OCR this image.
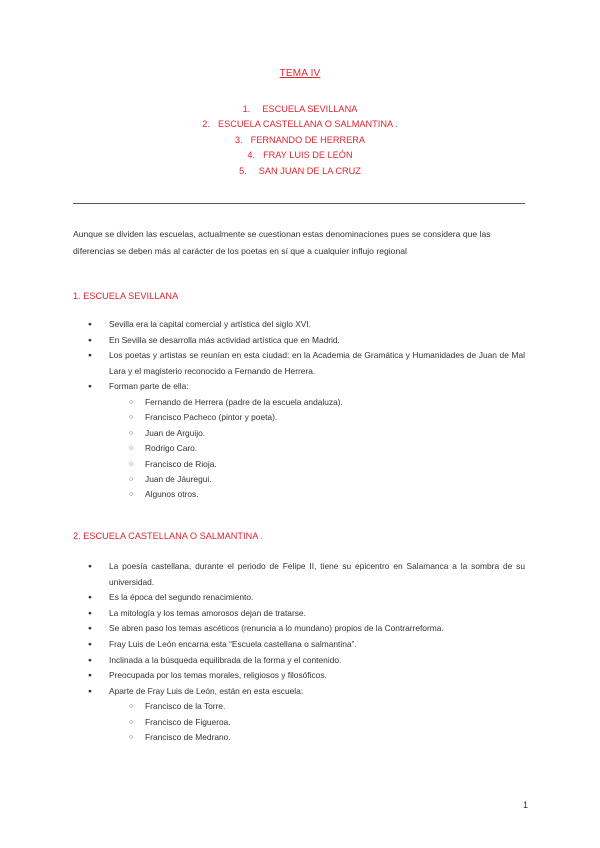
TEMA IV
1. ESCUELA SEVILLANA
2. ESCUELA CASTELLANA O SALMANTINA .
3. FERNANDO DE HERRERA
4. FRAY LUIS DE LEÓN
5. SAN JUAN DE LA CRUZ

Aunque se dividen las escuelas, actualmente se cuestionan estas denominaciones pues se considera que las diferencias se deben más al carácter de los poetas en sí que a cualquier influjo regional

1. ESCUELA SEVILLANA
● Sevilla era la capital comercial y artística del siglo XVI.
● En Sevilla se desarrolla más actividad artística que en Madrid.
● Los poetas y artistas se reunían en esta ciudad: en la Academia de Gramática y Humanidades de Juan de Mal Lara y el magisterio reconocido a Fernando de Herrera.
● Forman parte de ella:
○ Fernando de Herrera (padre de la escuela andaluza).
○ Francisco Pacheco (pintor y poeta).
○ Juan de Arguijo.
○ Rodrigo Caro.
○ Francisco de Rioja.
○ Juan de Jáuregui.
○ Algunos otros.
2. ESCUELA CASTELLANA O SALMANTINA .
● La poesía castellana, durante el periodo de Felipe II, tiene su epicentro en Salamanca a la sombra de su universidad.
● Es la época del segundo renacimiento.
● La mitología y los temas amorosos dejan de tratarse.
● Se abren paso los temas ascéticos (renuncia a lo mundano) propios de la Contrarreforma.
● Fray Luis de León encarna esta “Escuela castellana o salmantina”.
● Inclinada a la búsqueda equilibrada de la forma y el contenido.
● Preocupada por los temas morales, religiosos y filosóficos.
● Aparte de Fray Luis de León, están en esta escuela:
○ Francisco de la Torre.
○ Francisco de Figueroa.
○ Francisco de Medrano.
1
